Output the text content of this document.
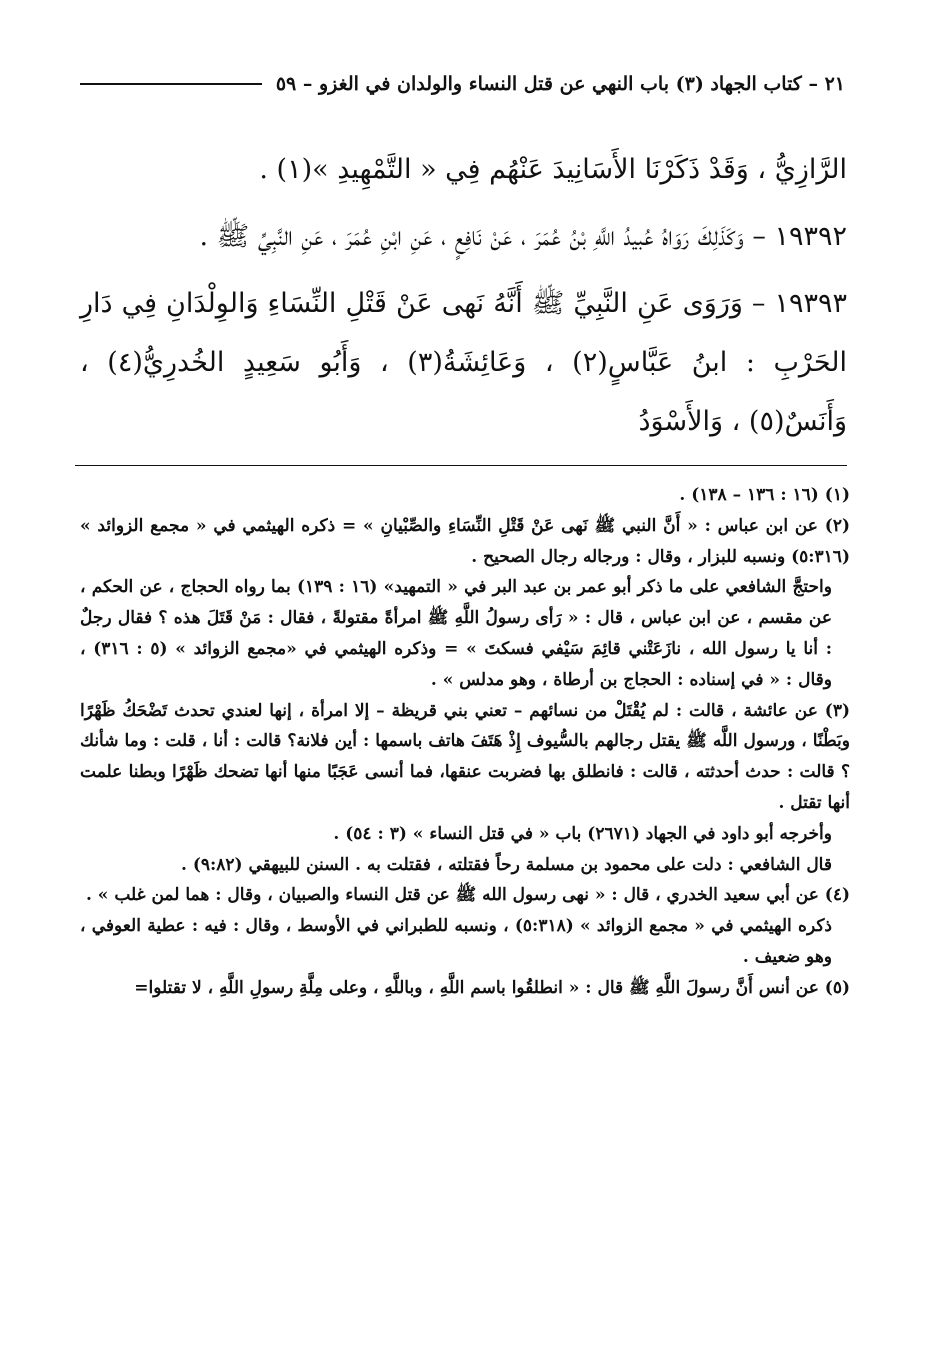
٢١ – كتاب الجهاد (٣) باب النهي عن قتل النساء والولدان في الغزو – ٥٩

الرَّازِيُّ ، وَقَدْ ذَكَرْنَا الأَسَانِيدَ عَنْهُم فِي « التَّمْهِيدِ »(١) .

١٩٣٩٢ – وَكَذَلِكَ رَوَاهُ عُبيدُ اللَّهِ بْنُ عُمَرَ ، عَنْ نَافِعٍ ، عَنِ ابْنِ عُمَرَ ، عَنِ النَّبِيِّ ﷺ .

١٩٣٩٣ – وَرَوَى عَنِ النَّبِيِّ ﷺ أَنَّهُ نَهى عَنْ قَتْلِ النِّسَاءِ وَالوِلْدَانِ فِي دَارِ الحَرْبِ : ابنُ عَبَّاسٍ(٢) ، وَعَائِشَةُ(٣) ، وَأَبُو سَعِيدٍ الخُدرِيُّ(٤) ، وَأَنَسٌ(٥) ، وَالأَسْوَدُ

(١) (١٦ : ١٣٦ – ١٣٨) .

(٢) عن ابن عباس : « أَنَّ النبي ﷺ نَهى عَنْ قَتْلِ النِّسَاءِ والصِّبْيانِ » = ذكره الهيثمي في « مجمع الزوائد » (٥:٣١٦) ونسبه للبزار ، وقال : ورجاله رجال الصحيح .

واحتجَّ الشافعي على ما ذكر أبو عمر بن عبد البر في « التمهيد» (١٦ : ١٣٩) بما رواه الحجاج ، عن الحكم ، عن مقسم ، عن ابن عباس ، قال : « رَأى رسولُ اللَّهِ ﷺ امرأةً مقتولةً ، فقال : مَنْ قَتَلَ هذه ؟ فقال رجلٌ : أنا يا رسول الله ، نازَعَتْني قائِمَ سَيْفي فسكتَ » = وذكره الهيثمي في «مجمع الزوائد » (٥ : ٣١٦) ، وقال : « في إسناده : الحجاج بن أرطاة ، وهو مدلس » .

(٣) عن عائشة ، قالت : لم يُقْتَلْ من نسائهم – تعني بني قريظة – إلا امرأة ، إنها لعندي تحدث تَضْحَكُ ظَهْرًا وبَطْنًا ، ورسول اللَّه ﷺ يقتل رجالهم بالسُّيوف إِذْ هَتَفَ هاتف باسمها : أين فلانة؟ قالت : أنا ، قلت : وما شأنك ؟ قالت : حدث أحدثته ، قالت : فانطلق بها فضربت عنقها، فما أنسى عَجَبًا منها أنها تضحك ظَهْرًا وبطنا علمت أنها تقتل .

وأخرجه أبو داود في الجهاد (٢٦٧١) باب « في قتل النساء » (٣ : ٥٤) .

قال الشافعي : دلت على محمود بن مسلمة رحاً فقتلته ، فقتلت به . السنن للبيهقي (٩:٨٢) .

(٤) عن أبي سعيد الخدري ، قال : « نهى رسول الله ﷺ عن قتل النساء والصبيان ، وقال : هما لمن غلب » .

ذكره الهيثمي في « مجمع الزوائد » (٥:٣١٨) ، ونسبه للطبراني في الأوسط ، وقال : فيه : عطية العوفي ، وهو ضعيف .

(٥) عن أنس أَنَّ رسولَ اللَّهِ ﷺ قال : « انطلقُوا باسم اللَّهِ ، وباللَّهِ ، وعلى مِلَّةِ رسولِ اللَّهِ ، لا تقتلوا=
